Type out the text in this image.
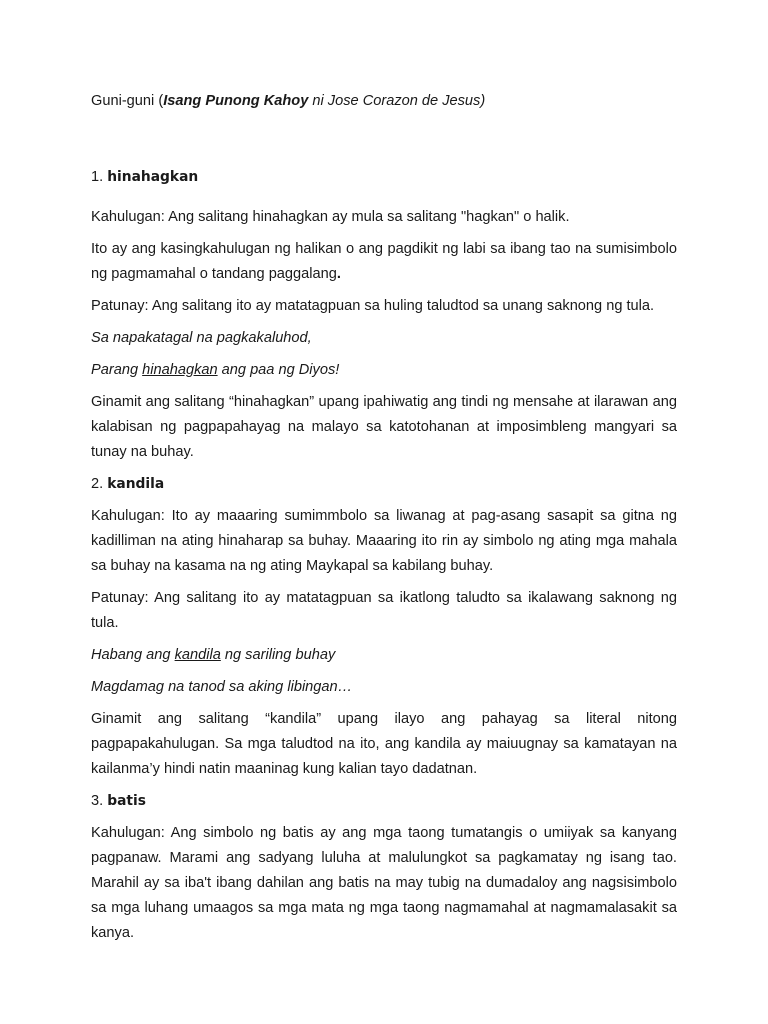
Guni-guni (Isang Punong Kahoy ni Jose Corazon de Jesus)

1. hinahagkan

Kahulugan: Ang salitang hinahagkan ay mula sa salitang "hagkan" o halik.

Ito ay ang kasingkahulugan ng halikan o ang pagdikit ng labi sa ibang tao na sumisimbolo ng pagmamahal o tandang paggalang.

Patunay: Ang salitang ito ay matatagpuan sa huling taludtod sa unang saknong ng tula.

Sa napakatagal na pagkakaluhod,

Parang hinahagkan ang paa ng Diyos!

Ginamit ang salitang “hinahagkan” upang ipahiwatig ang tindi ng mensahe at ilarawan ang kalabisan ng pagpapahayag na malayo sa katotohanan at imposimbleng mangyari sa tunay na buhay.

2. kandila

Kahulugan: Ito ay maaaring sumimmbolo sa liwanag at pag-asang sasapit sa gitna ng kadilliman na ating hinaharap sa buhay. Maaaring ito rin ay simbolo ng ating mga mahala sa buhay na kasama na ng ating Maykapal sa kabilang buhay.

Patunay: Ang salitang ito ay matatagpuan sa ikatlong taludto sa ikalawang saknong ng tula.

Habang ang kandila ng sariling buhay

Magdamag na tanod sa aking libingan…

Ginamit ang salitang “kandila” upang ilayo ang pahayag sa literal nitong pagpapakahulugan. Sa mga taludtod na ito, ang kandila ay maiuugnay sa kamatayan na kailanma’y hindi natin maaninag kung kalian tayo dadatnan.

3. batis

Kahulugan: Ang simbolo ng batis ay ang mga taong tumatangis o umiiyak sa kanyang pagpanaw. Marami ang sadyang luluha at malulungkot sa pagkamatay ng isang tao. Marahil ay sa iba't ibang dahilan ang batis na may tubig na dumadaloy ang nagsisimbolo sa mga luhang umaagos sa mga mata ng mga taong nagmamahal at nagmamalasakit sa kanya.
